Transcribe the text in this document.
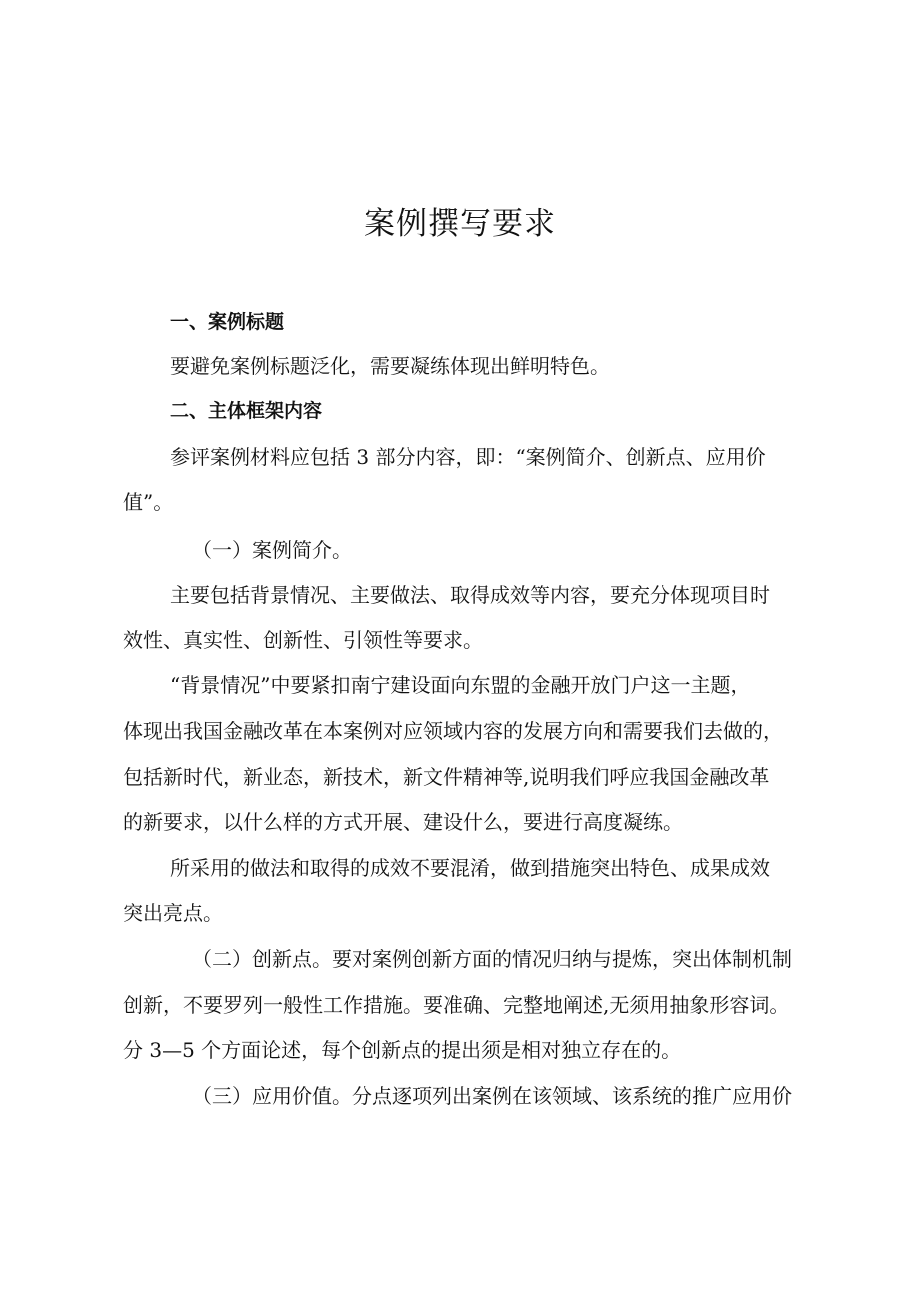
案例撰写要求
一、案例标题
要避免案例标题泛化，需要凝练体现出鲜明特色。
二、主体框架内容
参评案例材料应包括 3 部分内容，即：“案例简介、创新点、应用价
值”。
（一）案例简介。
主要包括背景情况、主要做法、取得成效等内容，要充分体现项目时
效性、真实性、创新性、引领性等要求。
“背景情况”中要紧扣南宁建设面向东盟的金融开放门户这一主题，
体现出我国金融改革在本案例对应领域内容的发展方向和需要我们去做的，
包括新时代，新业态，新技术，新文件精神等,说明我们呼应我国金融改革
的新要求，以什么样的方式开展、建设什么，要进行高度凝练。
所采用的做法和取得的成效不要混淆，做到措施突出特色、成果成效
突出亮点。
（二）创新点。要对案例创新方面的情况归纳与提炼，突出体制机制
创新，不要罗列一般性工作措施。要准确、完整地阐述,无须用抽象形容词。
分 3—5 个方面论述，每个创新点的提出须是相对独立存在的。
（三）应用价值。分点逐项列出案例在该领域、该系统的推广应用价
